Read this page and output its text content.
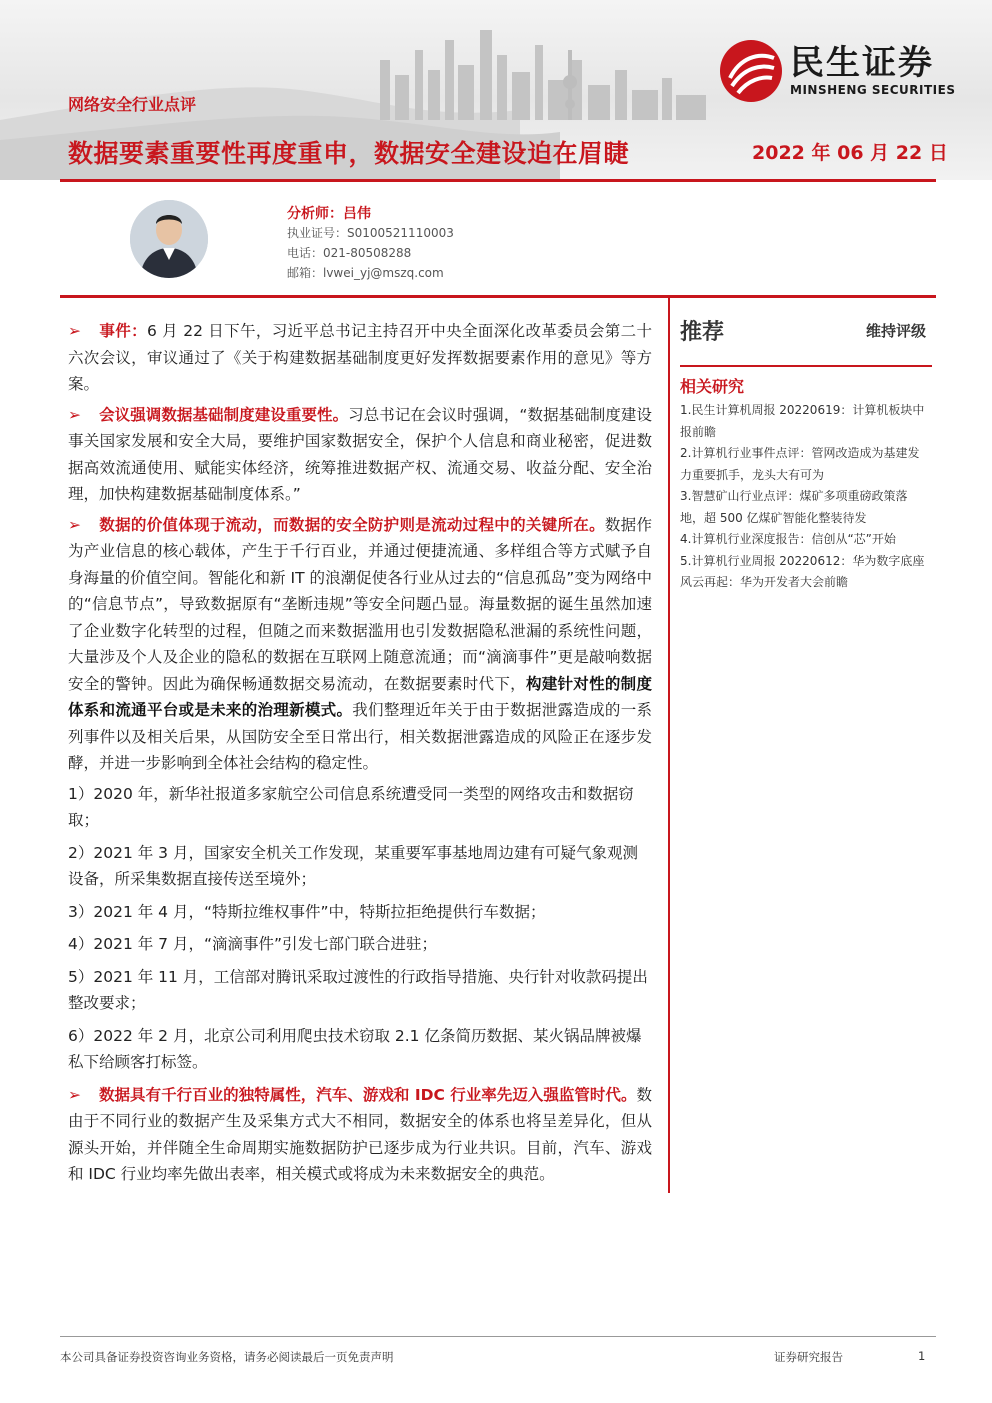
民生证券
MINSHENG SECURITIES
网络安全行业点评
数据要素重要性再度重申，数据安全建设迫在眉睫	2022 年 06 月 22 日
分析师：吕伟
执业证号：S0100521110003
电话：021-80508288
邮箱：lvwei_yj@mszq.com

➢ 事件：6 月 22 日下午，习近平总书记主持召开中央全面深化改革委员会第二十六次会议，审议通过了《关于构建数据基础制度更好发挥数据要素作用的意见》等方案。

➢ 会议强调数据基础制度建设重要性。习总书记在会议时强调，“数据基础制度建设事关国家发展和安全大局，要维护国家数据安全，保护个人信息和商业秘密，促进数据高效流通使用、赋能实体经济，统筹推进数据产权、流通交易、收益分配、安全治理，加快构建数据基础制度体系。”

➢ 数据的价值体现于流动，而数据的安全防护则是流动过程中的关键所在。数据作为产业信息的核心载体，产生于千行百业，并通过便捷流通、多样组合等方式赋予自身海量的价值空间。智能化和新 IT 的浪潮促使各行业从过去的“信息孤岛”变为网络中的“信息节点”，导致数据原有“垄断违规”等安全问题凸显。海量数据的诞生虽然加速了企业数字化转型的过程，但随之而来数据滥用也引发数据隐私泄漏的系统性问题，大量涉及个人及企业的隐私的数据在互联网上随意流通；而“滴滴事件”更是敲响数据安全的警钟。因此为确保畅通数据交易流动，在数据要素时代下，构建针对性的制度体系和流通平台或是未来的治理新模式。我们整理近年关于由于数据泄露造成的一系列事件以及相关后果，从国防安全至日常出行，相关数据泄露造成的风险正在逐步发酵，并进一步影响到全体社会结构的稳定性。

1）2020 年，新华社报道多家航空公司信息系统遭受同一类型的网络攻击和数据窃取；
2）2021 年 3 月，国家安全机关工作发现，某重要军事基地周边建有可疑气象观测设备，所采集数据直接传送至境外；
3）2021 年 4 月，“特斯拉维权事件”中，特斯拉拒绝提供行车数据；
4）2021 年 7 月，“滴滴事件”引发七部门联合进驻；
5）2021 年 11 月，工信部对腾讯采取过渡性的行政指导措施、央行针对收款码提出整改要求；
6）2022 年 2 月，北京公司利用爬虫技术窃取 2.1 亿条简历数据、某火锅品牌被爆私下给顾客打标签。

➢ 数据具有千行百业的独特属性，汽车、游戏和 IDC 行业率先迈入强监管时代。数由于不同行业的数据产生及采集方式大不相同，数据安全的体系也将呈差异化，但从源头开始，并伴随全生命周期实施数据防护已逐步成为行业共识。目前，汽车、游戏和 IDC 行业均率先做出表率，相关模式或将成为未来数据安全的典范。

推荐	维持评级
相关研究
1.民生计算机周报 20220619：计算机板块中报前瞻
2.计算机行业事件点评：管网改造成为基建发力重要抓手，龙头大有可为
3.智慧矿山行业点评：煤矿多项重磅政策落地，超 500 亿煤矿智能化整装待发
4.计算机行业深度报告：信创从“芯”开始
5.计算机行业周报 20220612：华为数字底座风云再起：华为开发者大会前瞻
本公司具备证券投资咨询业务资格，请务必阅读最后一页免责声明	证券研究报告	1
